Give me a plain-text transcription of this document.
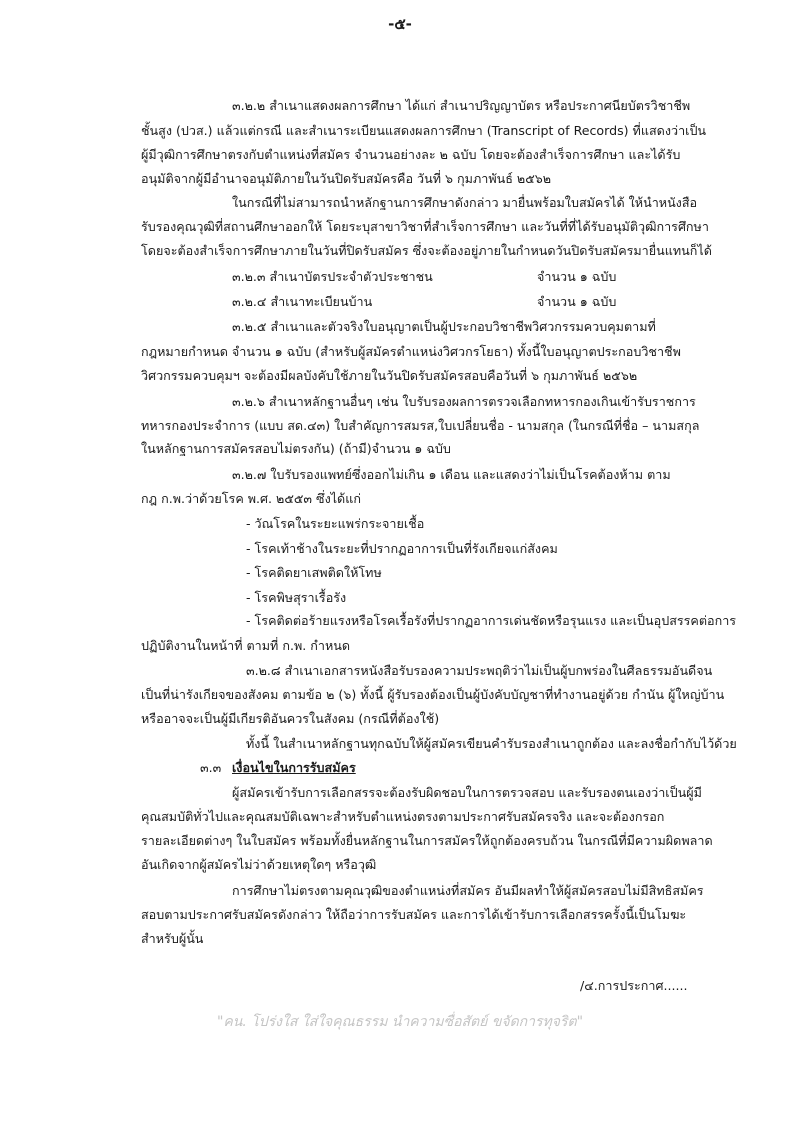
-๕-
๓.๒.๒ สำเนาแสดงผลการศึกษา ได้แก่ สำเนาปริญญาบัตร หรือประกาศนียบัตรวิชาชีพ
ชั้นสูง (ปวส.) แล้วแต่กรณี และสำเนาระเบียนแสดงผลการศึกษา (Transcript of Records) ที่แสดงว่าเป็น
ผู้มีวุฒิการศึกษาตรงกับตำแหน่งที่สมัคร จำนวนอย่างละ ๒ ฉบับ โดยจะต้องสำเร็จการศึกษา และได้รับ
อนุมัติจากผู้มีอำนาจอนุมัติภายในวันปิดรับสมัครคือ วันที่ ๖ กุมภาพันธ์ ๒๕๖๒
ในกรณีที่ไม่สามารถนำหลักฐานการศึกษาดังกล่าว มายื่นพร้อมใบสมัครได้ ให้นำหนังสือ
รับรองคุณวุฒิที่สถานศึกษาออกให้ โดยระบุสาขาวิชาที่สำเร็จการศึกษา และวันที่ที่ได้รับอนุมัติวุฒิการศึกษา
โดยจะต้องสำเร็จการศึกษาภายในวันที่ปิดรับสมัคร ซึ่งจะต้องอยู่ภายในกำหนดวันปิดรับสมัครมายื่นแทนก็ได้
๓.๒.๓ สำเนาบัตรประจำตัวประชาชน	จำนวน ๑ ฉบับ
๓.๒.๔ สำเนาทะเบียนบ้าน	จำนวน ๑ ฉบับ
๓.๒.๕ สำเนาและตัวจริงใบอนุญาตเป็นผู้ประกอบวิชาชีพวิศวกรรมควบคุมตามที่
กฎหมายกำหนด จำนวน ๑ ฉบับ (สำหรับผู้สมัครตำแหน่งวิศวกรโยธา) ทั้งนี้ใบอนุญาตประกอบวิชาชีพ
วิศวกรรมควบคุมฯ จะต้องมีผลบังคับใช้ภายในวันปิดรับสมัครสอบคือวันที่ ๖ กุมภาพันธ์ ๒๕๖๒
๓.๒.๖ สำเนาหลักฐานอื่นๆ เช่น ใบรับรองผลการตรวจเลือกทหารกองเกินเข้ารับราชการ
ทหารกองประจำการ (แบบ สด.๔๓) ใบสำคัญการสมรส,ใบเปลี่ยนชื่อ - นามสกุล (ในกรณีที่ชื่อ – นามสกุล
ในหลักฐานการสมัครสอบไม่ตรงกัน) (ถ้ามี)จำนวน ๑ ฉบับ
๓.๒.๗ ใบรับรองแพทย์ซึ่งออกไม่เกิน ๑ เดือน และแสดงว่าไม่เป็นโรคต้องห้าม ตาม
กฎ ก.พ.ว่าด้วยโรค พ.ศ. ๒๕๕๓ ซึ่งได้แก่
- วัณโรคในระยะแพร่กระจายเชื้อ
- โรคเท้าช้างในระยะที่ปรากฏอาการเป็นที่รังเกียจแก่สังคม
- โรคติดยาเสพติดให้โทษ
- โรคพิษสุราเรื้อรัง
- โรคติดต่อร้ายแรงหรือโรคเรื้อรังที่ปรากฏอาการเด่นชัดหรือรุนแรง และเป็นอุปสรรคต่อการ
ปฏิบัติงานในหน้าที่ ตามที่ ก.พ. กำหนด
๓.๒.๘ สำเนาเอกสารหนังสือรับรองความประพฤติว่าไม่เป็นผู้บกพร่องในศีลธรรมอันดีจน
เป็นที่น่ารังเกียจของสังคม ตามข้อ ๒ (๖) ทั้งนี้ ผู้รับรองต้องเป็นผู้บังคับบัญชาที่ทำงานอยู่ด้วย กำนัน ผู้ใหญ่บ้าน
หรืออาจจะเป็นผู้มีเกียรติอันควรในสังคม (กรณีที่ต้องใช้)
ทั้งนี้ ในสำเนาหลักฐานทุกฉบับให้ผู้สมัครเขียนคำรับรองสำเนาถูกต้อง และลงชื่อกำกับไว้ด้วย
๓.๓ เงื่อนไขในการรับสมัคร
ผู้สมัครเข้ารับการเลือกสรรจะต้องรับผิดชอบในการตรวจสอบ และรับรองตนเองว่าเป็นผู้มี
คุณสมบัติทั่วไปและคุณสมบัติเฉพาะสำหรับตำแหน่งตรงตามประกาศรับสมัครจริง และจะต้องกรอก
รายละเอียดต่างๆ ในใบสมัคร พร้อมทั้งยื่นหลักฐานในการสมัครให้ถูกต้องครบถ้วน ในกรณีที่มีความผิดพลาด
อันเกิดจากผู้สมัครไม่ว่าด้วยเหตุใดๆ หรือวุฒิ
การศึกษาไม่ตรงตามคุณวุฒิของตำแหน่งที่สมัคร อันมีผลทำให้ผู้สมัครสอบไม่มีสิทธิสมัคร
สอบตามประกาศรับสมัครดังกล่าว ให้ถือว่าการรับสมัคร และการได้เข้ารับการเลือกสรรครั้งนี้เป็นโมฆะ
สำหรับผู้นั้น
/๔.การประกาศ......
"คน. โปร่งใส ใส่ใจคุณธรรม นำความซื่อสัตย์ ขจัดการทุจริต"
